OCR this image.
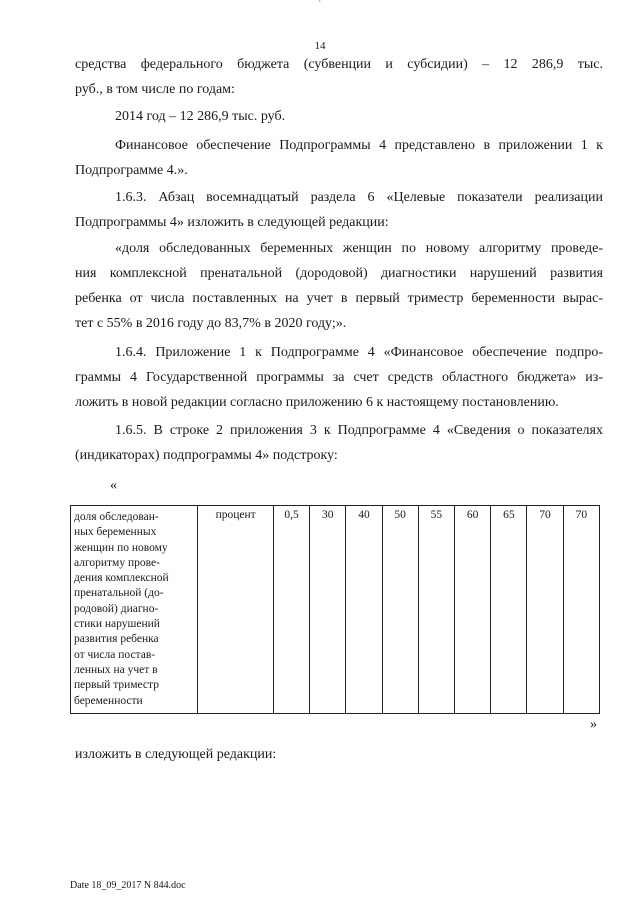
`
14
средства федерального бюджета (субвенции и субсидии) – 12 286,9 тыс.
руб., в том числе по годам:
2014 год – 12 286,9 тыс. руб.
Финансовое обеспечение Подпрограммы 4 представлено в приложении 1 к
Подпрограмме 4.».
1.6.3. Абзац восемнадцатый раздела 6 «Целевые показатели реализации
Подпрограммы 4» изложить в следующей редакции:
«доля обследованных беременных женщин по новому алгоритму проведе-
ния комплексной пренатальной (дородовой) диагностики нарушений развития
ребенка от числа поставленных на учет в первый триместр беременности вырас-
тет с 55% в 2016 году до 83,7% в 2020 году;».
1.6.4. Приложение 1 к Подпрограмме 4 «Финансовое обеспечение подпро-
граммы 4 Государственной программы за счет средств областного бюджета» из-
ложить в новой редакции согласно приложению 6 к настоящему постановлению.
1.6.5. В строке 2 приложения 3 к Подпрограмме 4 «Сведения о показателях
(индикаторах) подпрограммы 4» подстроку:
«
доля обследован-
ных беременных
женщин по новому
алгоритму прове-
дения комплексной
пренатальной (до-
родовой) диагно-
стики нарушений
развития ребенка
от числа постав-
ленных на учет в
первый триместр
беременности
	процент	0,5	30	40	50	55	60	65	70	70
»
изложить в следующей редакции:
Date 18_09_2017 N 844.doc
